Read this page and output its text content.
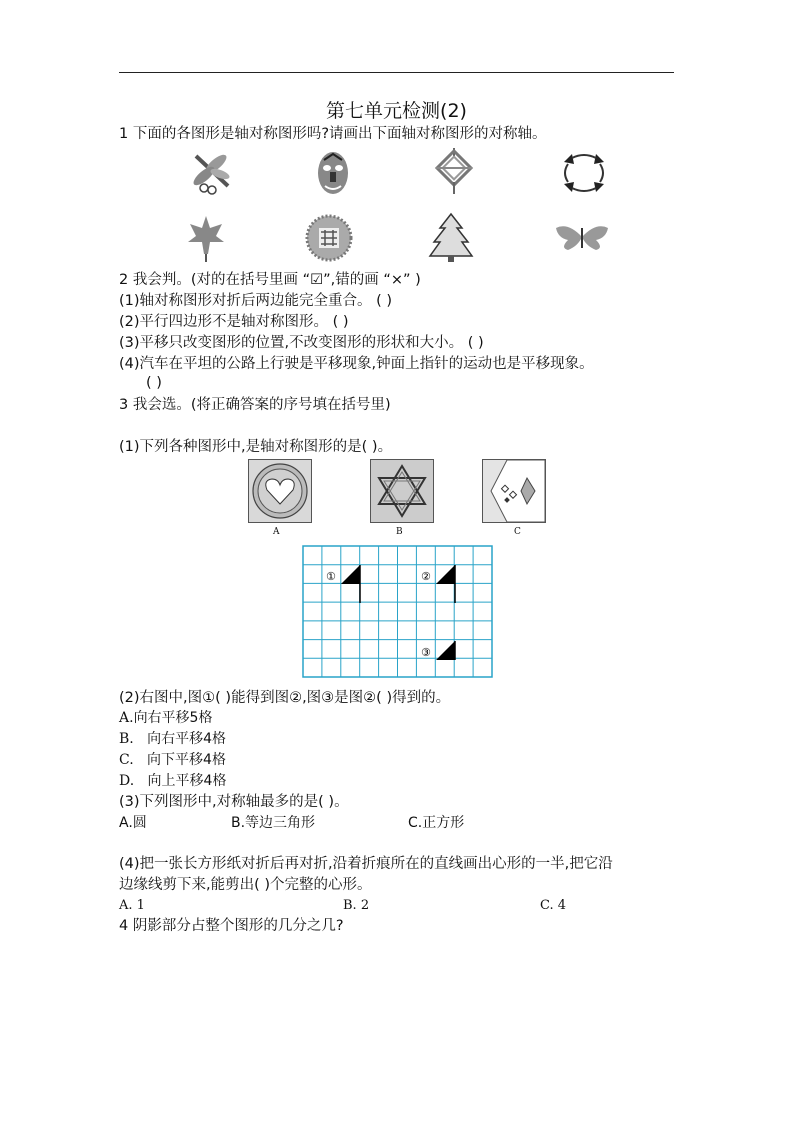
第七单元检测(2)
1 下面的各图形是轴对称图形吗?请画出下面轴对称图形的对称轴。
2 我会判。(对的在括号里画 “☑”,错的画 “×” )
(1)轴对称图形对折后两边能完全重合。 ( )
(2)平行四边形不是轴对称图形。 ( )
(3)平移只改变图形的位置,不改变图形的形状和大小。 ( )
(4)汽车在平坦的公路上行驶是平移现象,钟面上指针的运动也是平移现象。
( )
3 我会选。(将正确答案的序号填在括号里)
(1)下列各种图形中,是轴对称图形的是( )。
A	B	C
①	②
③
(2)右图中,图①( )能得到图②,图③是图②( )得到的。
A.向右平移5格
B. 向右平移4格
C. 向下平移4格
D. 向上平移4格
(3)下列图形中,对称轴最多的是( )。
A.圆	B.等边三角形	C.正方形
(4)把一张长方形纸对折后再对折,沿着折痕所在的直线画出心形的一半,把它沿
边缘线剪下来,能剪出( )个完整的心形。
A. 1	B. 2	C. 4
4 阴影部分占整个图形的几分之几?
